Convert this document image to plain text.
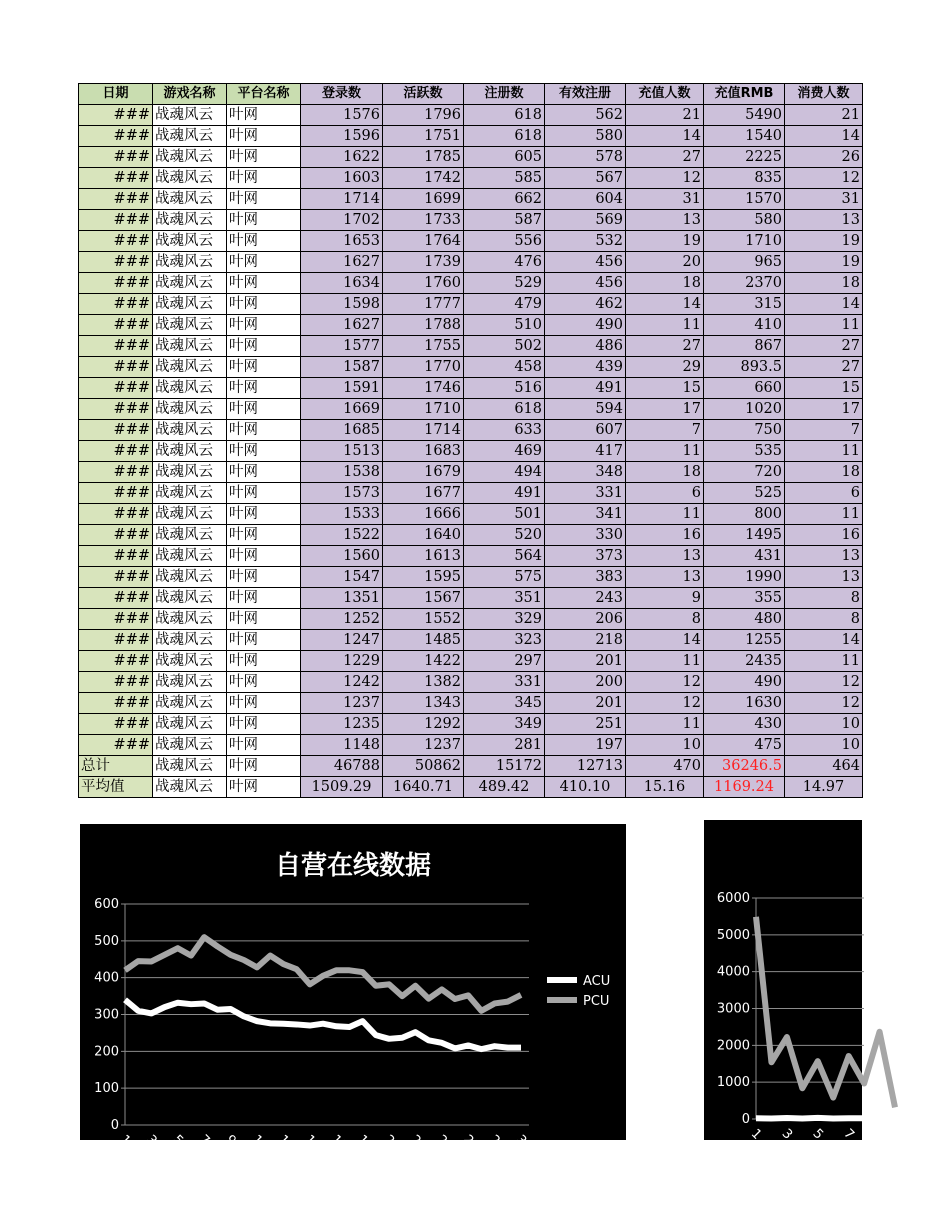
日期	游戏名称	平台名称	登录数	活跃数	注册数	有效注册	充值人数	充值RMB	消费人数
###	战魂风云	叶网	1576	1796	618	562	21	5490	21
###	战魂风云	叶网	1596	1751	618	580	14	1540	14
###	战魂风云	叶网	1622	1785	605	578	27	2225	26
###	战魂风云	叶网	1603	1742	585	567	12	835	12
###	战魂风云	叶网	1714	1699	662	604	31	1570	31
###	战魂风云	叶网	1702	1733	587	569	13	580	13
###	战魂风云	叶网	1653	1764	556	532	19	1710	19
###	战魂风云	叶网	1627	1739	476	456	20	965	19
###	战魂风云	叶网	1634	1760	529	456	18	2370	18
###	战魂风云	叶网	1598	1777	479	462	14	315	14
###	战魂风云	叶网	1627	1788	510	490	11	410	11
###	战魂风云	叶网	1577	1755	502	486	27	867	27
###	战魂风云	叶网	1587	1770	458	439	29	893.5	27
###	战魂风云	叶网	1591	1746	516	491	15	660	15
###	战魂风云	叶网	1669	1710	618	594	17	1020	17
###	战魂风云	叶网	1685	1714	633	607	7	750	7
###	战魂风云	叶网	1513	1683	469	417	11	535	11
###	战魂风云	叶网	1538	1679	494	348	18	720	18
###	战魂风云	叶网	1573	1677	491	331	6	525	6
###	战魂风云	叶网	1533	1666	501	341	11	800	11
###	战魂风云	叶网	1522	1640	520	330	16	1495	16
###	战魂风云	叶网	1560	1613	564	373	13	431	13
###	战魂风云	叶网	1547	1595	575	383	13	1990	13
###	战魂风云	叶网	1351	1567	351	243	9	355	8
###	战魂风云	叶网	1252	1552	329	206	8	480	8
###	战魂风云	叶网	1247	1485	323	218	14	1255	14
###	战魂风云	叶网	1229	1422	297	201	11	2435	11
###	战魂风云	叶网	1242	1382	331	200	12	490	12
###	战魂风云	叶网	1237	1343	345	201	12	1630	12
###	战魂风云	叶网	1235	1292	349	251	11	430	10
###	战魂风云	叶网	1148	1237	281	197	10	475	10
总计	战魂风云	叶网	46788	50862	15172	12713	470	36246.5	464
平均值	战魂风云	叶网	1509.29	1640.71	489.42	410.10	15.16	1169.24	14.97
自营在线数据
0
100
200
300
400
500
600
1 3 5 7 9 11 13 15 17 19 21 23 25 27 29 31
ACU
PCU
0
1000
2000
3000
4000
5000
6000
1 3 5 7 9
